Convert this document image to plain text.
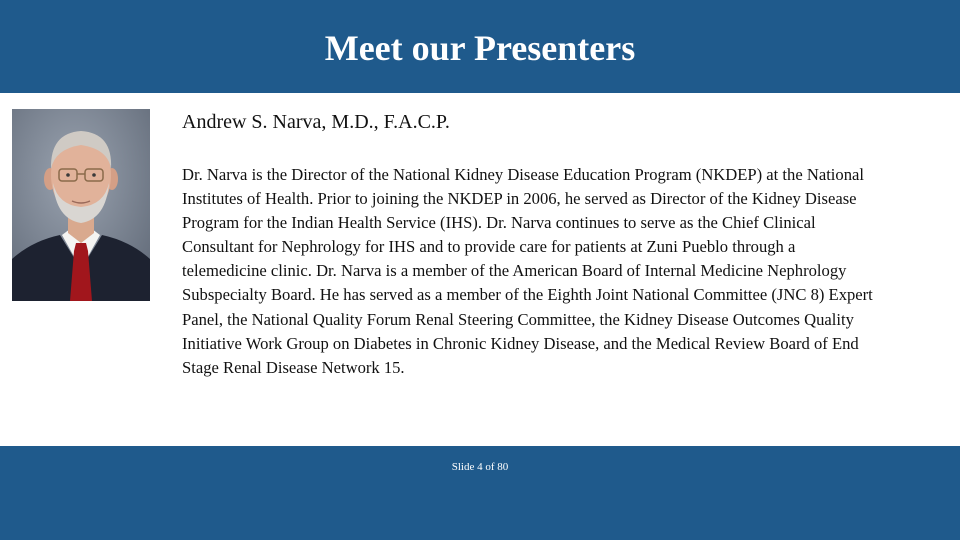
Meet our Presenters
Andrew S. Narva, M.D., F.A.C.P.
Dr. Narva is the Director of the National Kidney Disease Education Program (NKDEP) at the National Institutes of Health. Prior to joining the NKDEP in 2006, he served as Director of the Kidney Disease Program for the Indian Health Service (IHS). Dr. Narva continues to serve as the Chief Clinical Consultant for Nephrology for IHS and to provide care for patients at Zuni Pueblo through a telemedicine clinic. Dr. Narva is a member of the American Board of Internal Medicine Nephrology Subspecialty Board. He has served as a member of the Eighth Joint National Committee (JNC 8) Expert Panel, the National Quality Forum Renal Steering Committee, the Kidney Disease Outcomes Quality Initiative Work Group on Diabetes in Chronic Kidney Disease, and the Medical Review Board of End Stage Renal Disease Network 15.
Slide 4 of 80
